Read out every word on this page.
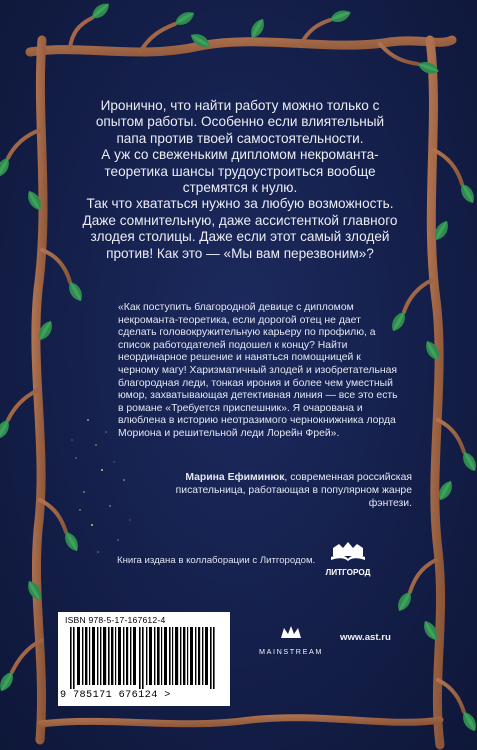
Иронично, что найти работу можно только с опытом работы. Особенно если влиятельный папа против твоей самостоятельности.

А уж со свеженьким дипломом некроманта-теоретика шансы трудоустроиться вообще стремятся к нулю.

Так что хвататься нужно за любую возможность. Даже сомнительную, даже ассистенткой главного злодея столицы. Даже если этот самый злодей против! Как это — «Мы вам перезвоним»?

«Как поступить благородной девице с дипломом некроманта-теоретика, если дорогой отец не дает сделать головокружительную карьеру по профилю, а список работодателей подошел к концу? Найти неординарное решение и наняться помощницей к черному магу! Харизматичный злодей и изобретательная благородная леди, тонкая ирония и более чем уместный юмор, захватывающая детективная линия — все это есть в романе «Требуется приспешник». Я очарована и влюблена в историю неотразимого чернокнижника лорда Мориона и решительной леди Лорейн Фрей».
Марина Ефиминюк, современная российская писательница, работающая в популярном жанре фэнтези.
Книга издана в коллаборации с Литгородом.
ЛИТГОРОД
ISBN 978-5-17-167612-4
9 785171 676124 >
MAINSTREAM
www.ast.ru
